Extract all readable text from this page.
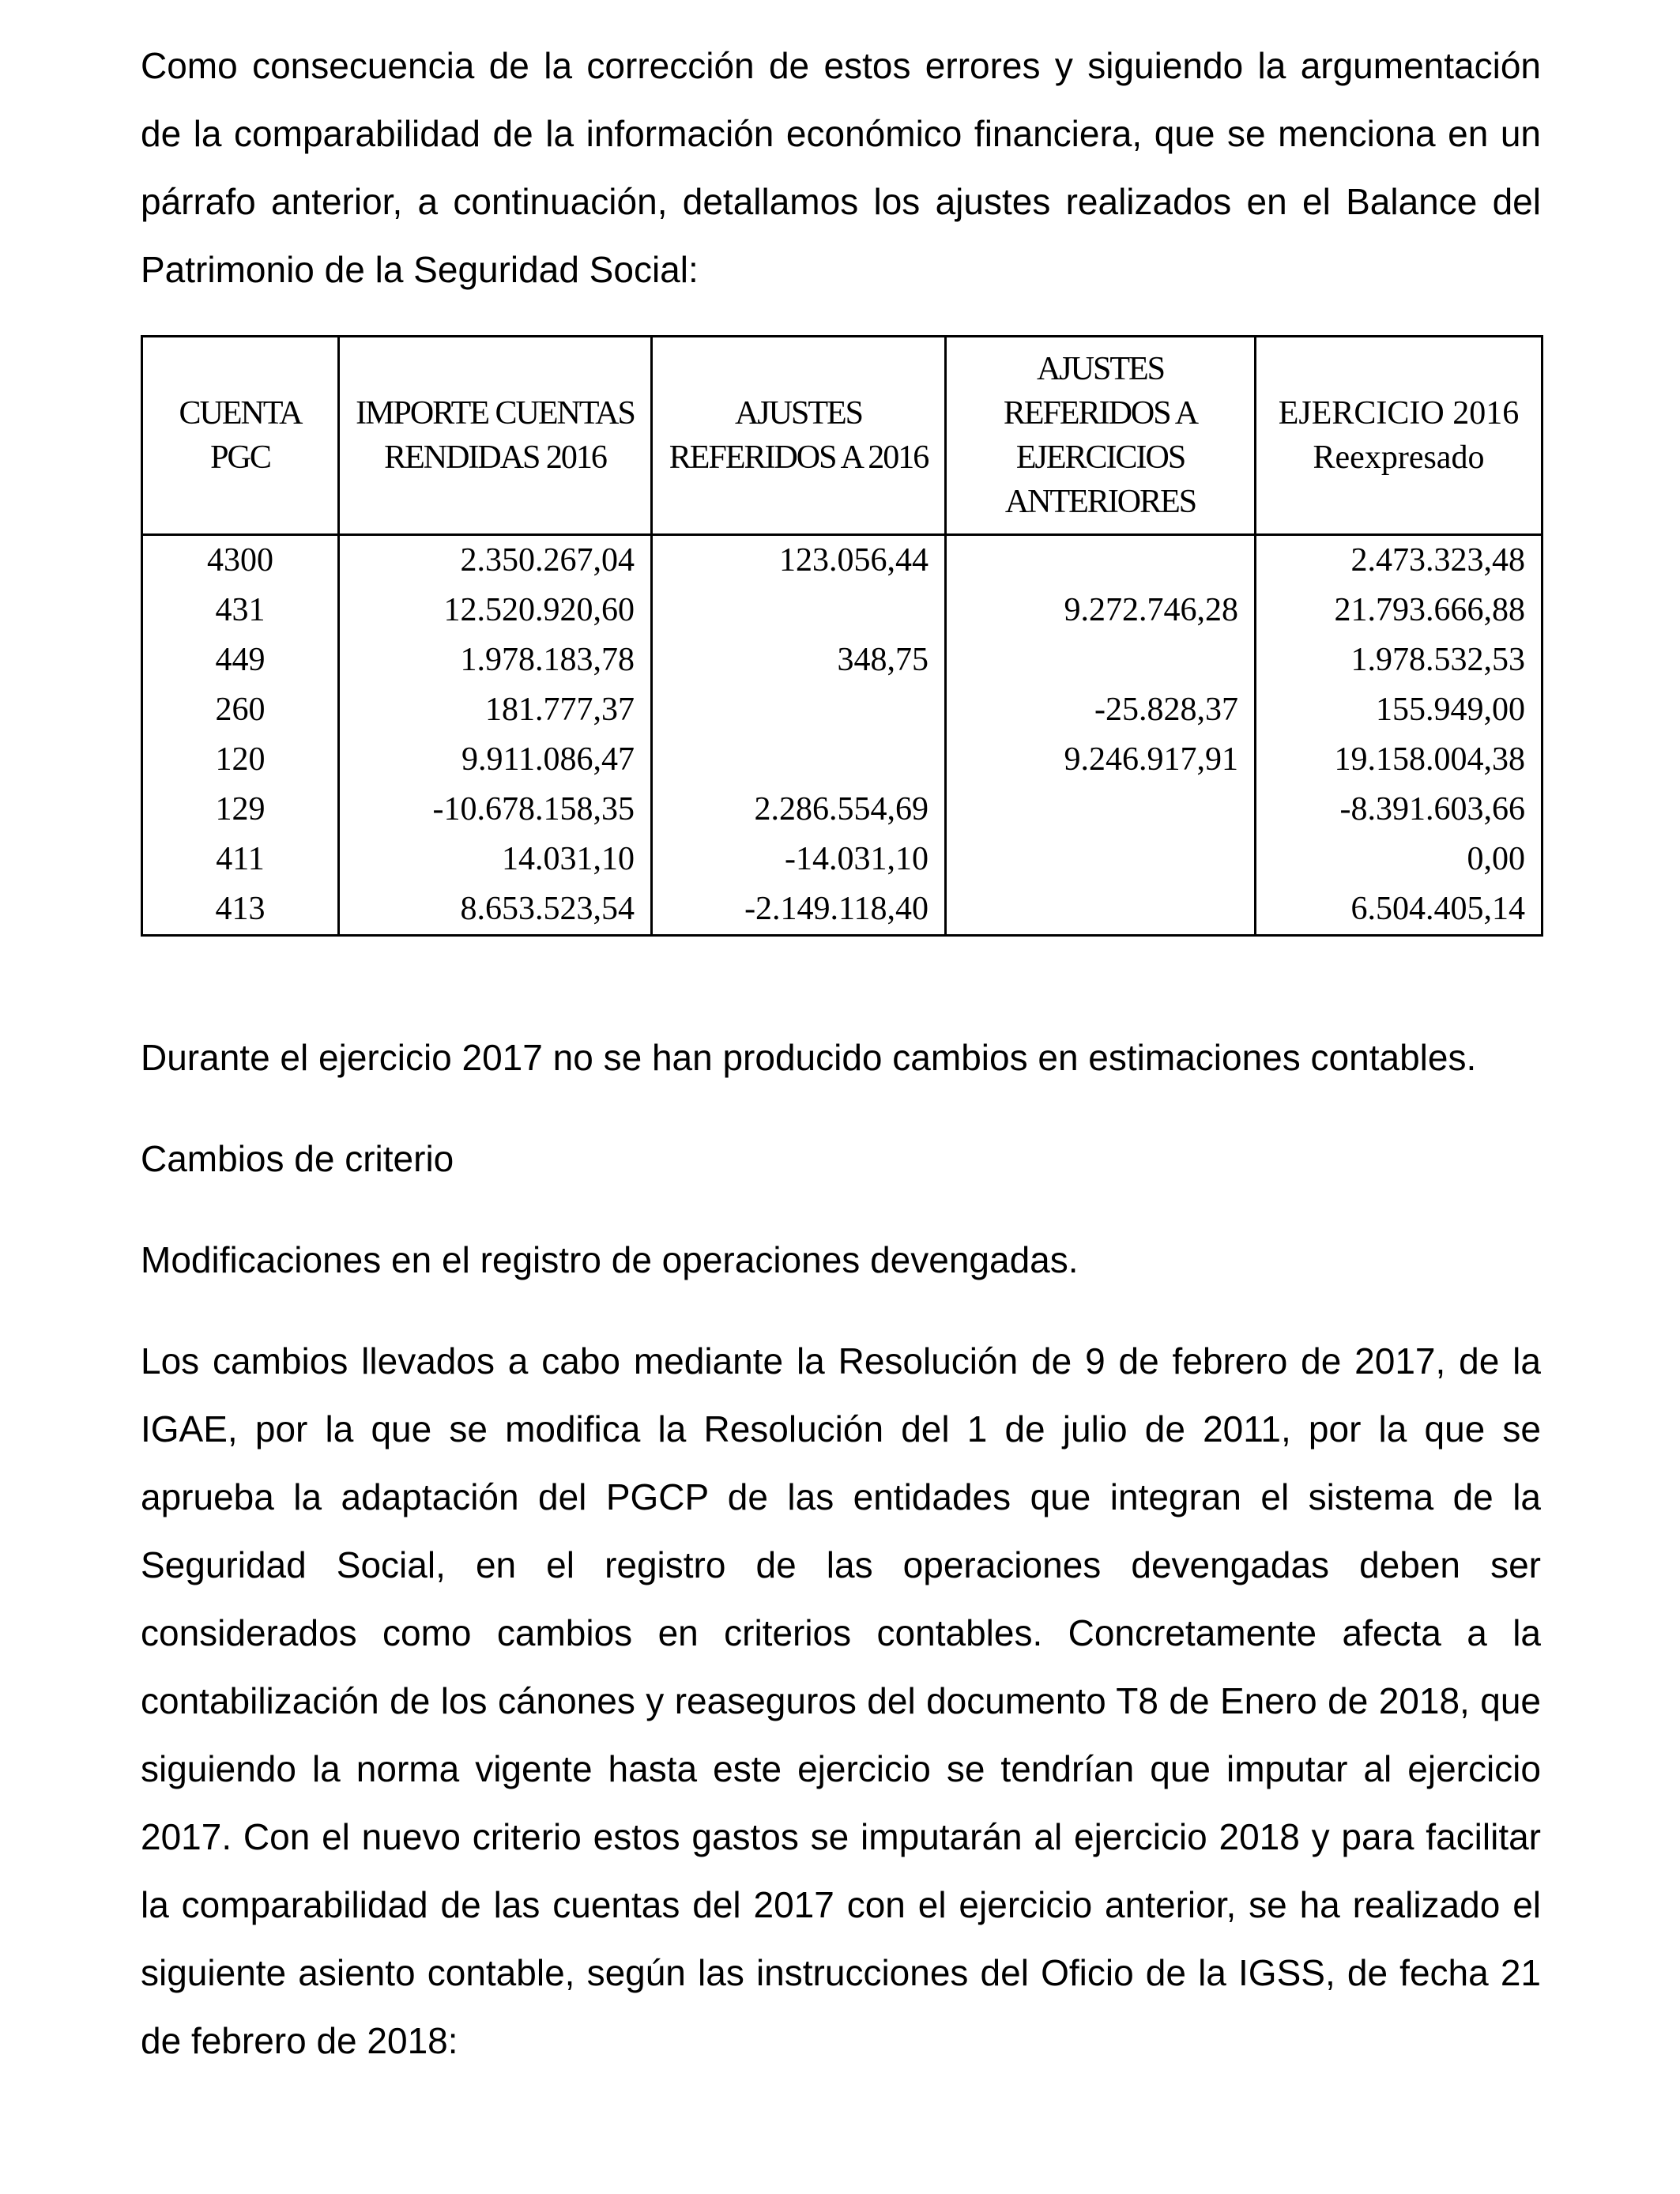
Como consecuencia de la corrección de estos errores y siguiendo la argumentación de la comparabilidad de la información económico financiera, que se menciona en un párrafo anterior, a continuación, detallamos los ajustes realizados en el Balance del Patrimonio de la Seguridad Social:

CUENTA PGC	IMPORTE CUENTAS RENDIDAS 2016	AJUSTES REFERIDOS A 2016	AJUSTES REFERIDOS A EJERCICIOS ANTERIORES	EJERCICIO 2016 Reexpresado
4300	2.350.267,04	123.056,44		2.473.323,48
431	12.520.920,60		9.272.746,28	21.793.666,88
449	1.978.183,78	348,75		1.978.532,53
260	181.777,37		-25.828,37	155.949,00
120	9.911.086,47		9.246.917,91	19.158.004,38
129	-10.678.158,35	2.286.554,69		-8.391.603,66
411	14.031,10	-14.031,10		0,00
413	8.653.523,54	-2.149.118,40		6.504.405,14

Durante el ejercicio 2017 no se han producido cambios en estimaciones contables.

Cambios de criterio

Modificaciones en el registro de operaciones devengadas.

Los cambios llevados a cabo mediante la Resolución de 9 de febrero de 2017, de la IGAE, por la que se modifica la Resolución del 1 de julio de 2011, por la que se aprueba la adaptación del PGCP de las entidades que integran el sistema de la Seguridad Social, en el registro de las operaciones devengadas deben ser considerados como cambios en criterios contables. Concretamente afecta a la contabilización de los cánones y reaseguros del documento T8 de Enero de 2018, que siguiendo la norma vigente hasta este ejercicio se tendrían que imputar al ejercicio 2017. Con el nuevo criterio estos gastos se imputarán al ejercicio 2018 y para facilitar la comparabilidad de las cuentas del 2017 con el ejercicio anterior, se ha realizado el siguiente asiento contable, según las instrucciones del Oficio de la IGSS, de fecha 21 de febrero de 2018:
